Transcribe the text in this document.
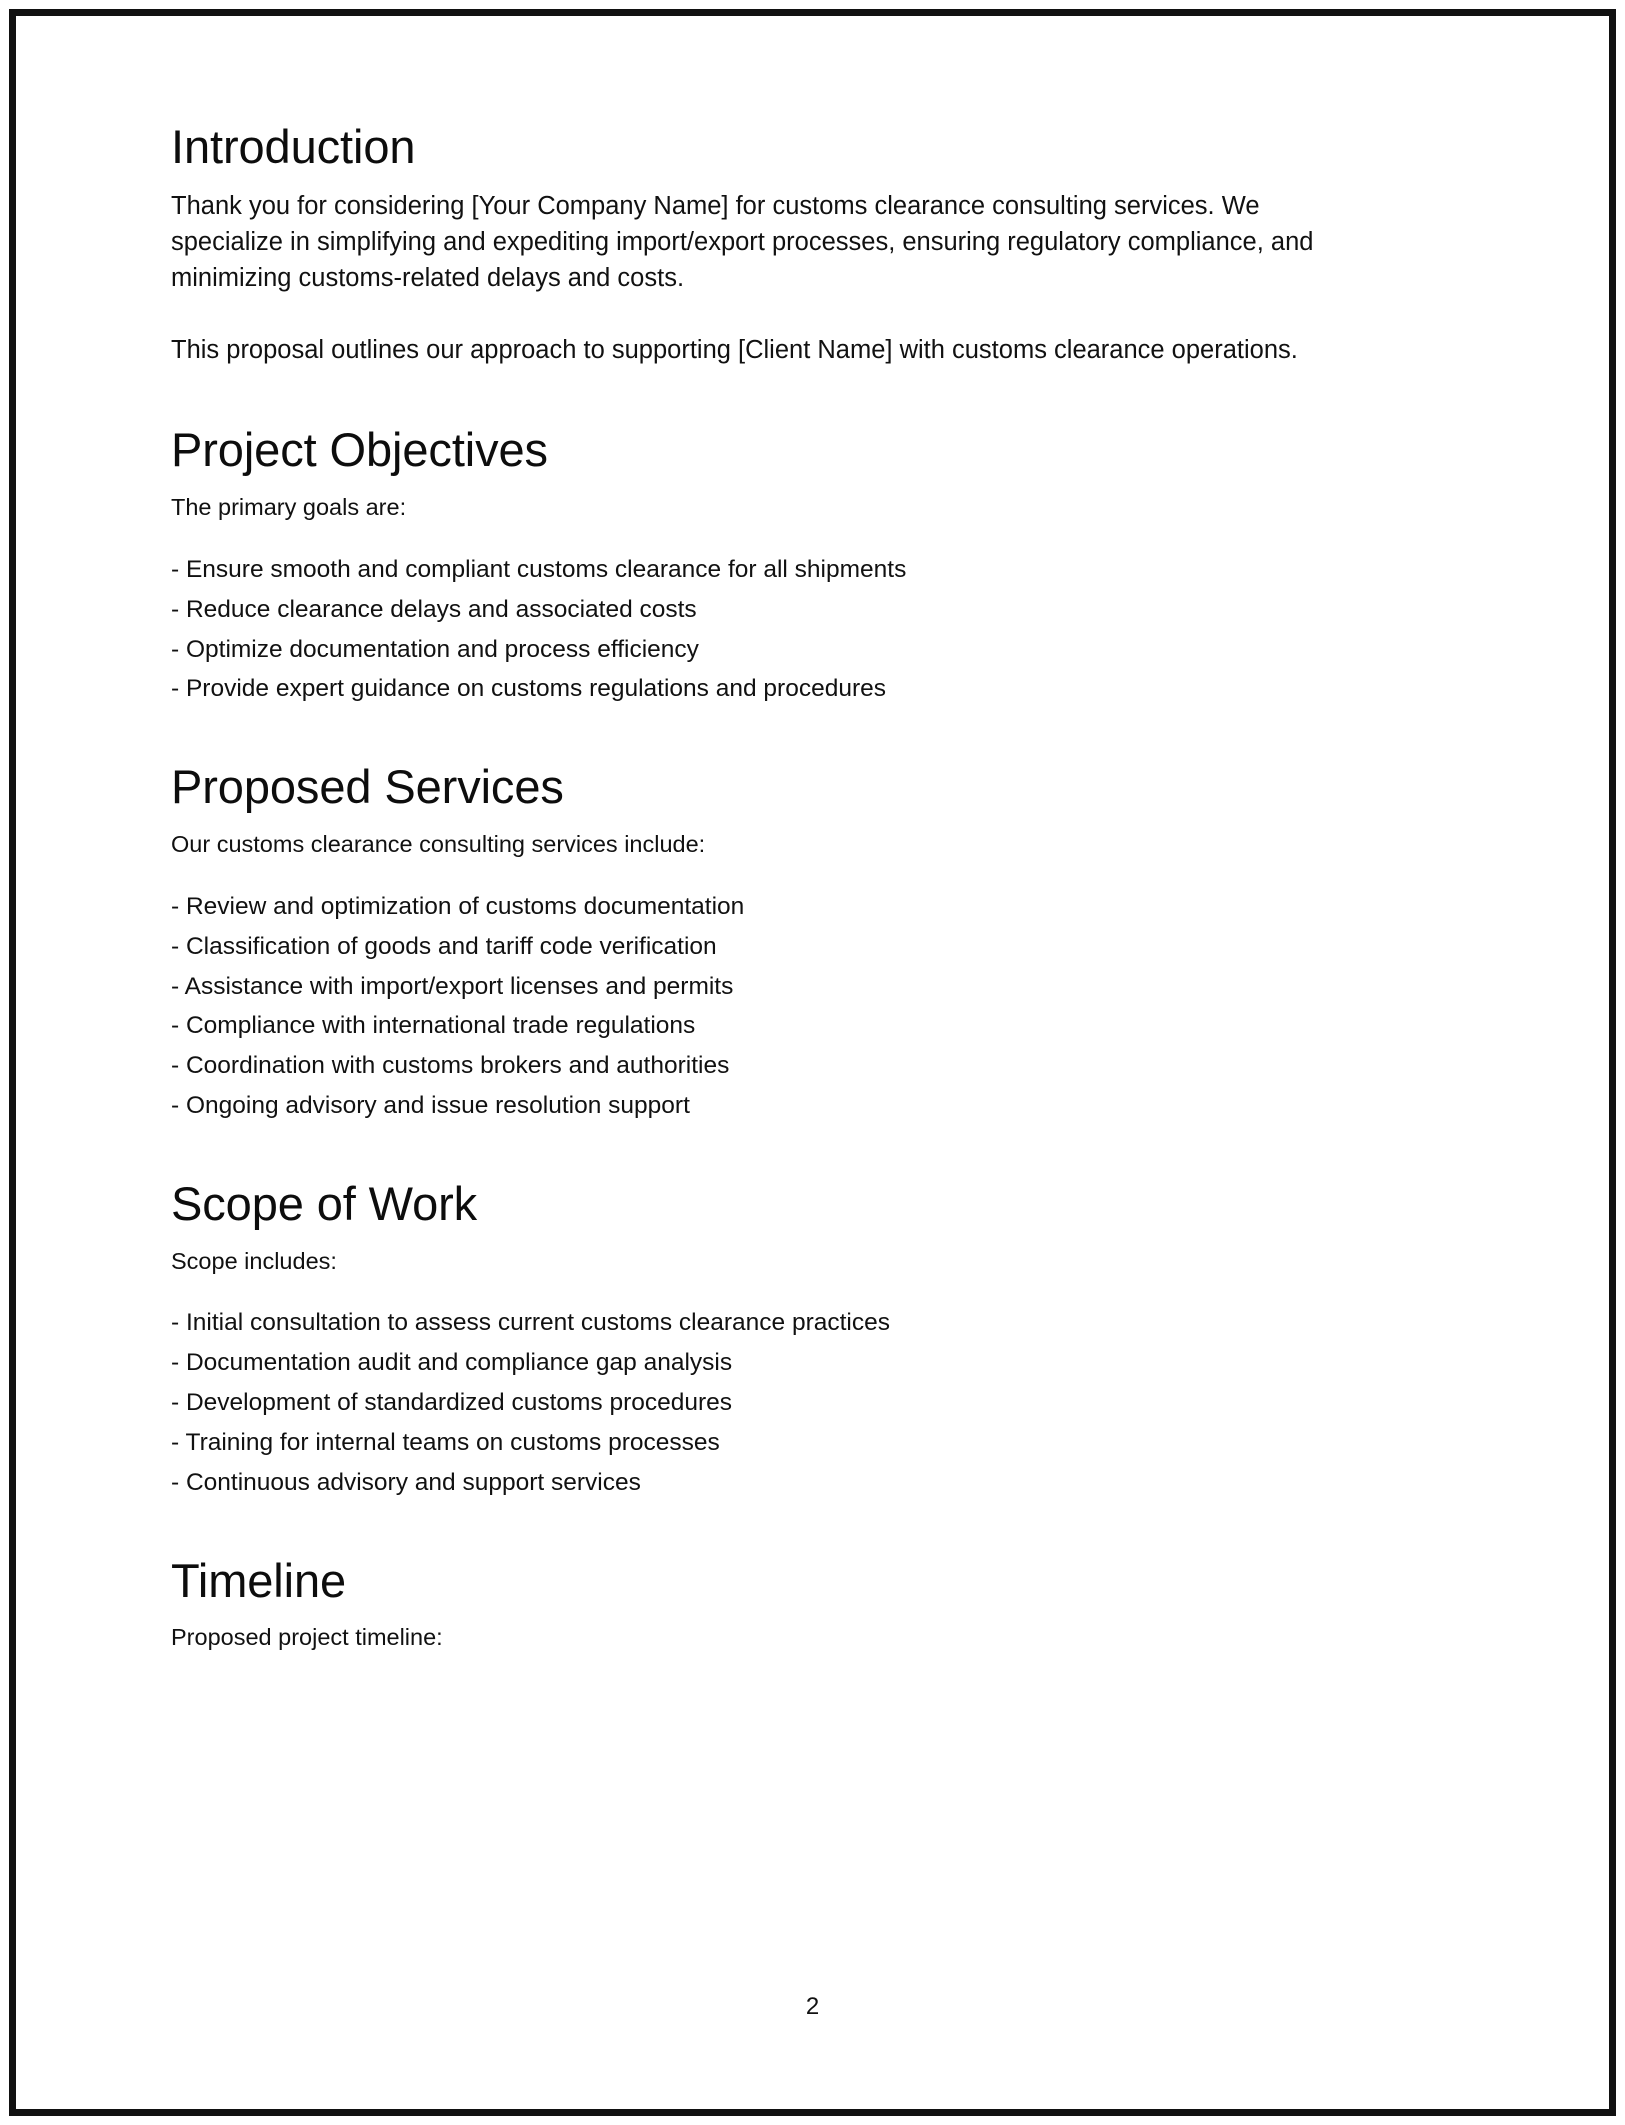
Introduction

Thank you for considering [Your Company Name] for customs clearance consulting services. We specialize in simplifying and expediting import/export processes, ensuring regulatory compliance, and minimizing customs-related delays and costs.

This proposal outlines our approach to supporting [Client Name] with customs clearance operations.

Project Objectives

The primary goals are:

- Ensure smooth and compliant customs clearance for all shipments
- Reduce clearance delays and associated costs
- Optimize documentation and process efficiency
- Provide expert guidance on customs regulations and procedures
Proposed Services

Our customs clearance consulting services include:

- Review and optimization of customs documentation
- Classification of goods and tariff code verification
- Assistance with import/export licenses and permits
- Compliance with international trade regulations
- Coordination with customs brokers and authorities
- Ongoing advisory and issue resolution support
Scope of Work

Scope includes:

- Initial consultation to assess current customs clearance practices
- Documentation audit and compliance gap analysis
- Development of standardized customs procedures
- Training for internal teams on customs processes
- Continuous advisory and support services
Timeline

Proposed project timeline:

2
